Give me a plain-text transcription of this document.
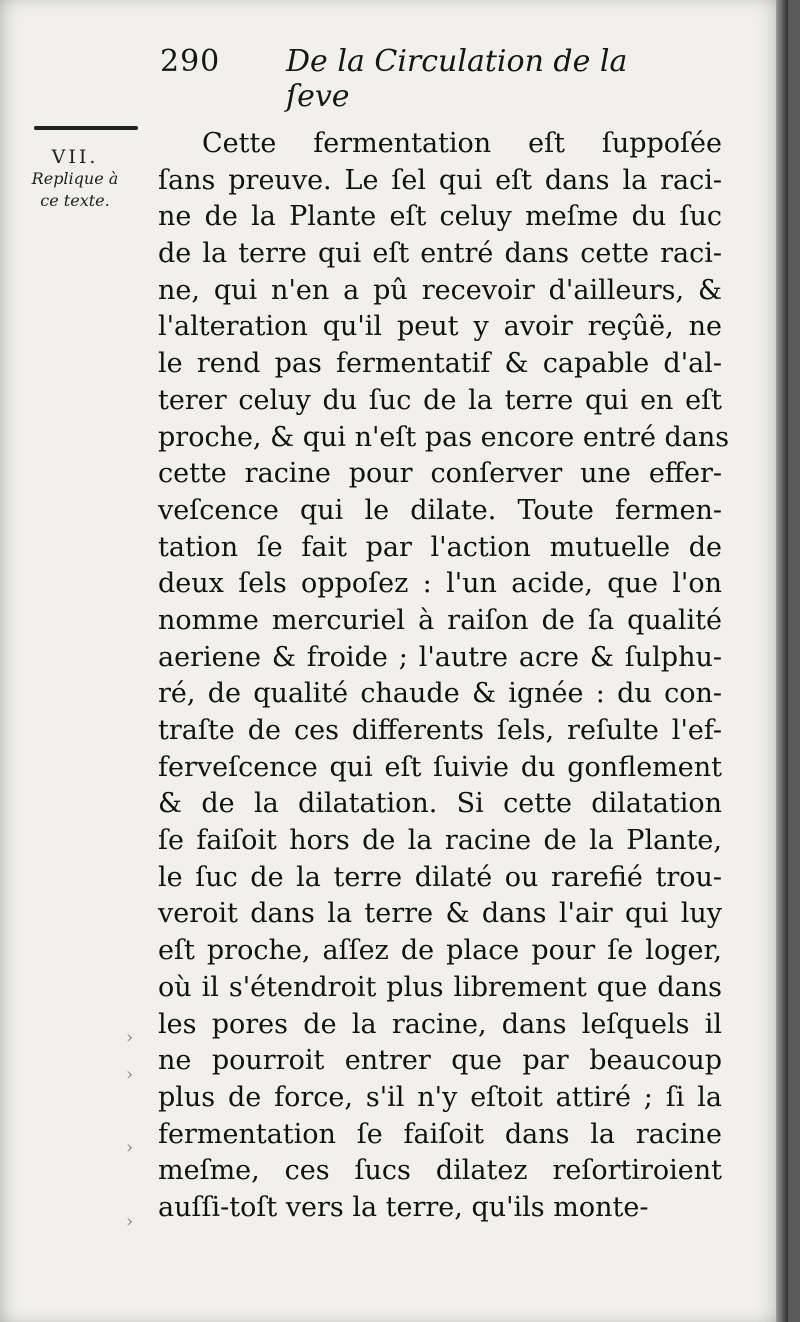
290 De la Circulation de la ſeve
VII.
Replique à
ce texte.
›
›

›

›
Cette fermentation eſt ſuppoſée
ſans preuve. Le ſel qui eſt dans la raci-
ne de la Plante eſt celuy meſme du ſuc
de la terre qui eſt entré dans cette raci-
ne, qui n'en a pû recevoir d'ailleurs, &
l'alteration qu'il peut y avoir reçûë, ne
le rend pas fermentatif & capable d'al-
terer celuy du ſuc de la terre qui en eſt
proche, & qui n'eſt pas encore entré dans
cette racine pour conſerver une effer-
veſcence qui le dilate. Toute fermen-
tation ſe fait par l'action mutuelle de
deux ſels oppoſez : l'un acide, que l'on
nomme mercuriel à raiſon de ſa qualité
aeriene & froide ; l'autre acre & ſulphu-
ré, de qualité chaude & ignée : du con-
traſte de ces differents ſels, reſulte l'ef-
ferveſcence qui eſt ſuivie du gonflement
& de la dilatation. Si cette dilatation
ſe faiſoit hors de la racine de la Plante,
le ſuc de la terre dilaté ou rarefié trou-
veroit dans la terre & dans l'air qui luy
eſt proche, aſſez de place pour ſe loger,
où il s'étendroit plus librement que dans
les pores de la racine, dans leſquels il
ne pourroit entrer que par beaucoup
plus de force, s'il n'y eſtoit attiré ; ſi la
fermentation ſe faiſoit dans la racine
meſme, ces ſucs dilatez reſortiroient
auſſi-toſt vers la terre, qu'ils monte-
